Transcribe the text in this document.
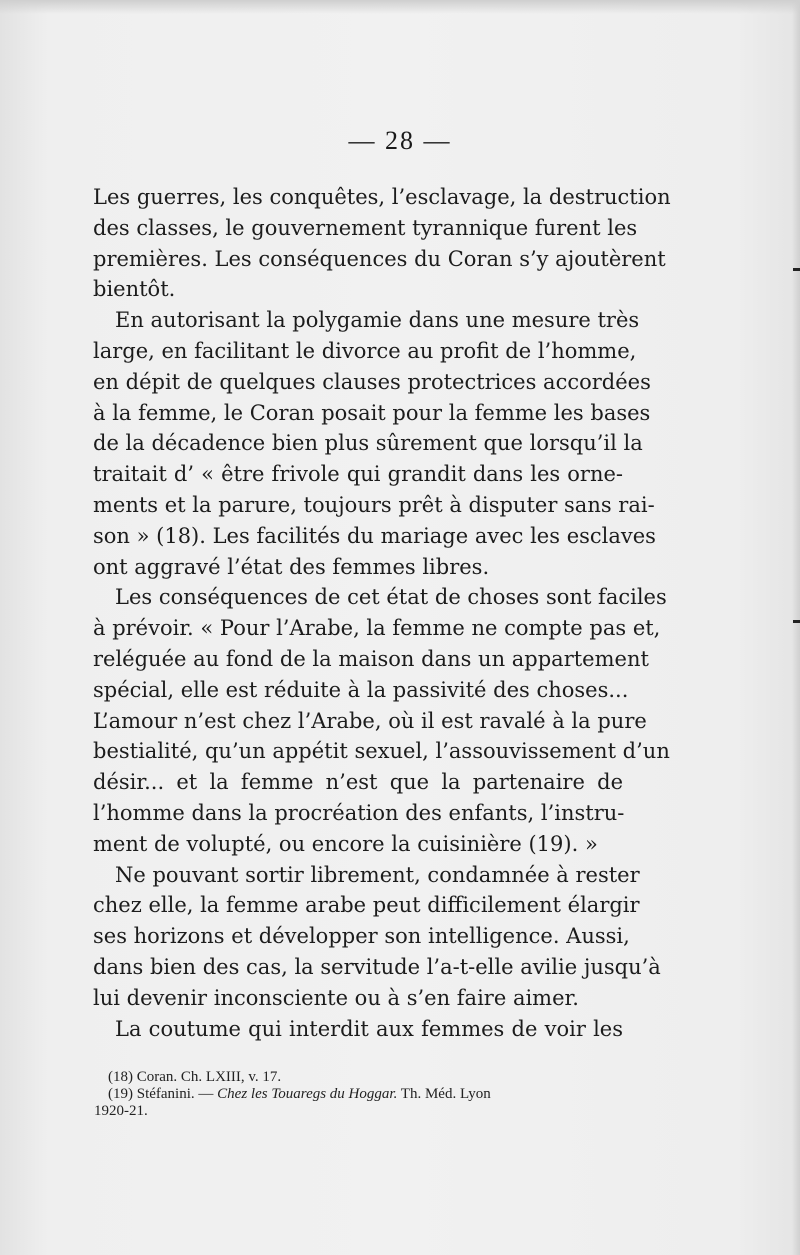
— 28 —
Les guerres, les conquêtes, l’esclavage, la destruction
des classes, le gouvernement tyrannique furent les
premières. Les conséquences du Coran s’y ajoutèrent
bientôt.
En autorisant la polygamie dans une mesure très
large, en facilitant le divorce au profit de l’homme,
en dépit de quelques clauses protectrices accordées
à la femme, le Coran posait pour la femme les bases
de la décadence bien plus sûrement que lorsqu’il la
traitait d’ « être frivole qui grandit dans les orne-
ments et la parure, toujours prêt à disputer sans rai-
son » (18). Les facilités du mariage avec les esclaves
ont aggravé l’état des femmes libres.
Les conséquences de cet état de choses sont faciles
à prévoir. « Pour l’Arabe, la femme ne compte pas et,
reléguée au fond de la maison dans un appartement
spécial, elle est réduite à la passivité des choses...
L’amour n’est chez l’Arabe, où il est ravalé à la pure
bestialité, qu’un appétit sexuel, l’assouvissement d’un
désir... et la femme n’est que la partenaire de
l’homme dans la procréation des enfants, l’instru-
ment de volupté, ou encore la cuisinière (19). »
Ne pouvant sortir librement, condamnée à rester
chez elle, la femme arabe peut difficilement élargir
ses horizons et développer son intelligence. Aussi,
dans bien des cas, la servitude l’a-t-elle avilie jusqu’à
lui devenir inconsciente ou à s’en faire aimer.
La coutume qui interdit aux femmes de voir les
(18) Coran. Ch. LXIII, v. 17.
(19) Stéfanini. — Chez les Touaregs du Hoggar. Th. Méd. Lyon
1920-21.
